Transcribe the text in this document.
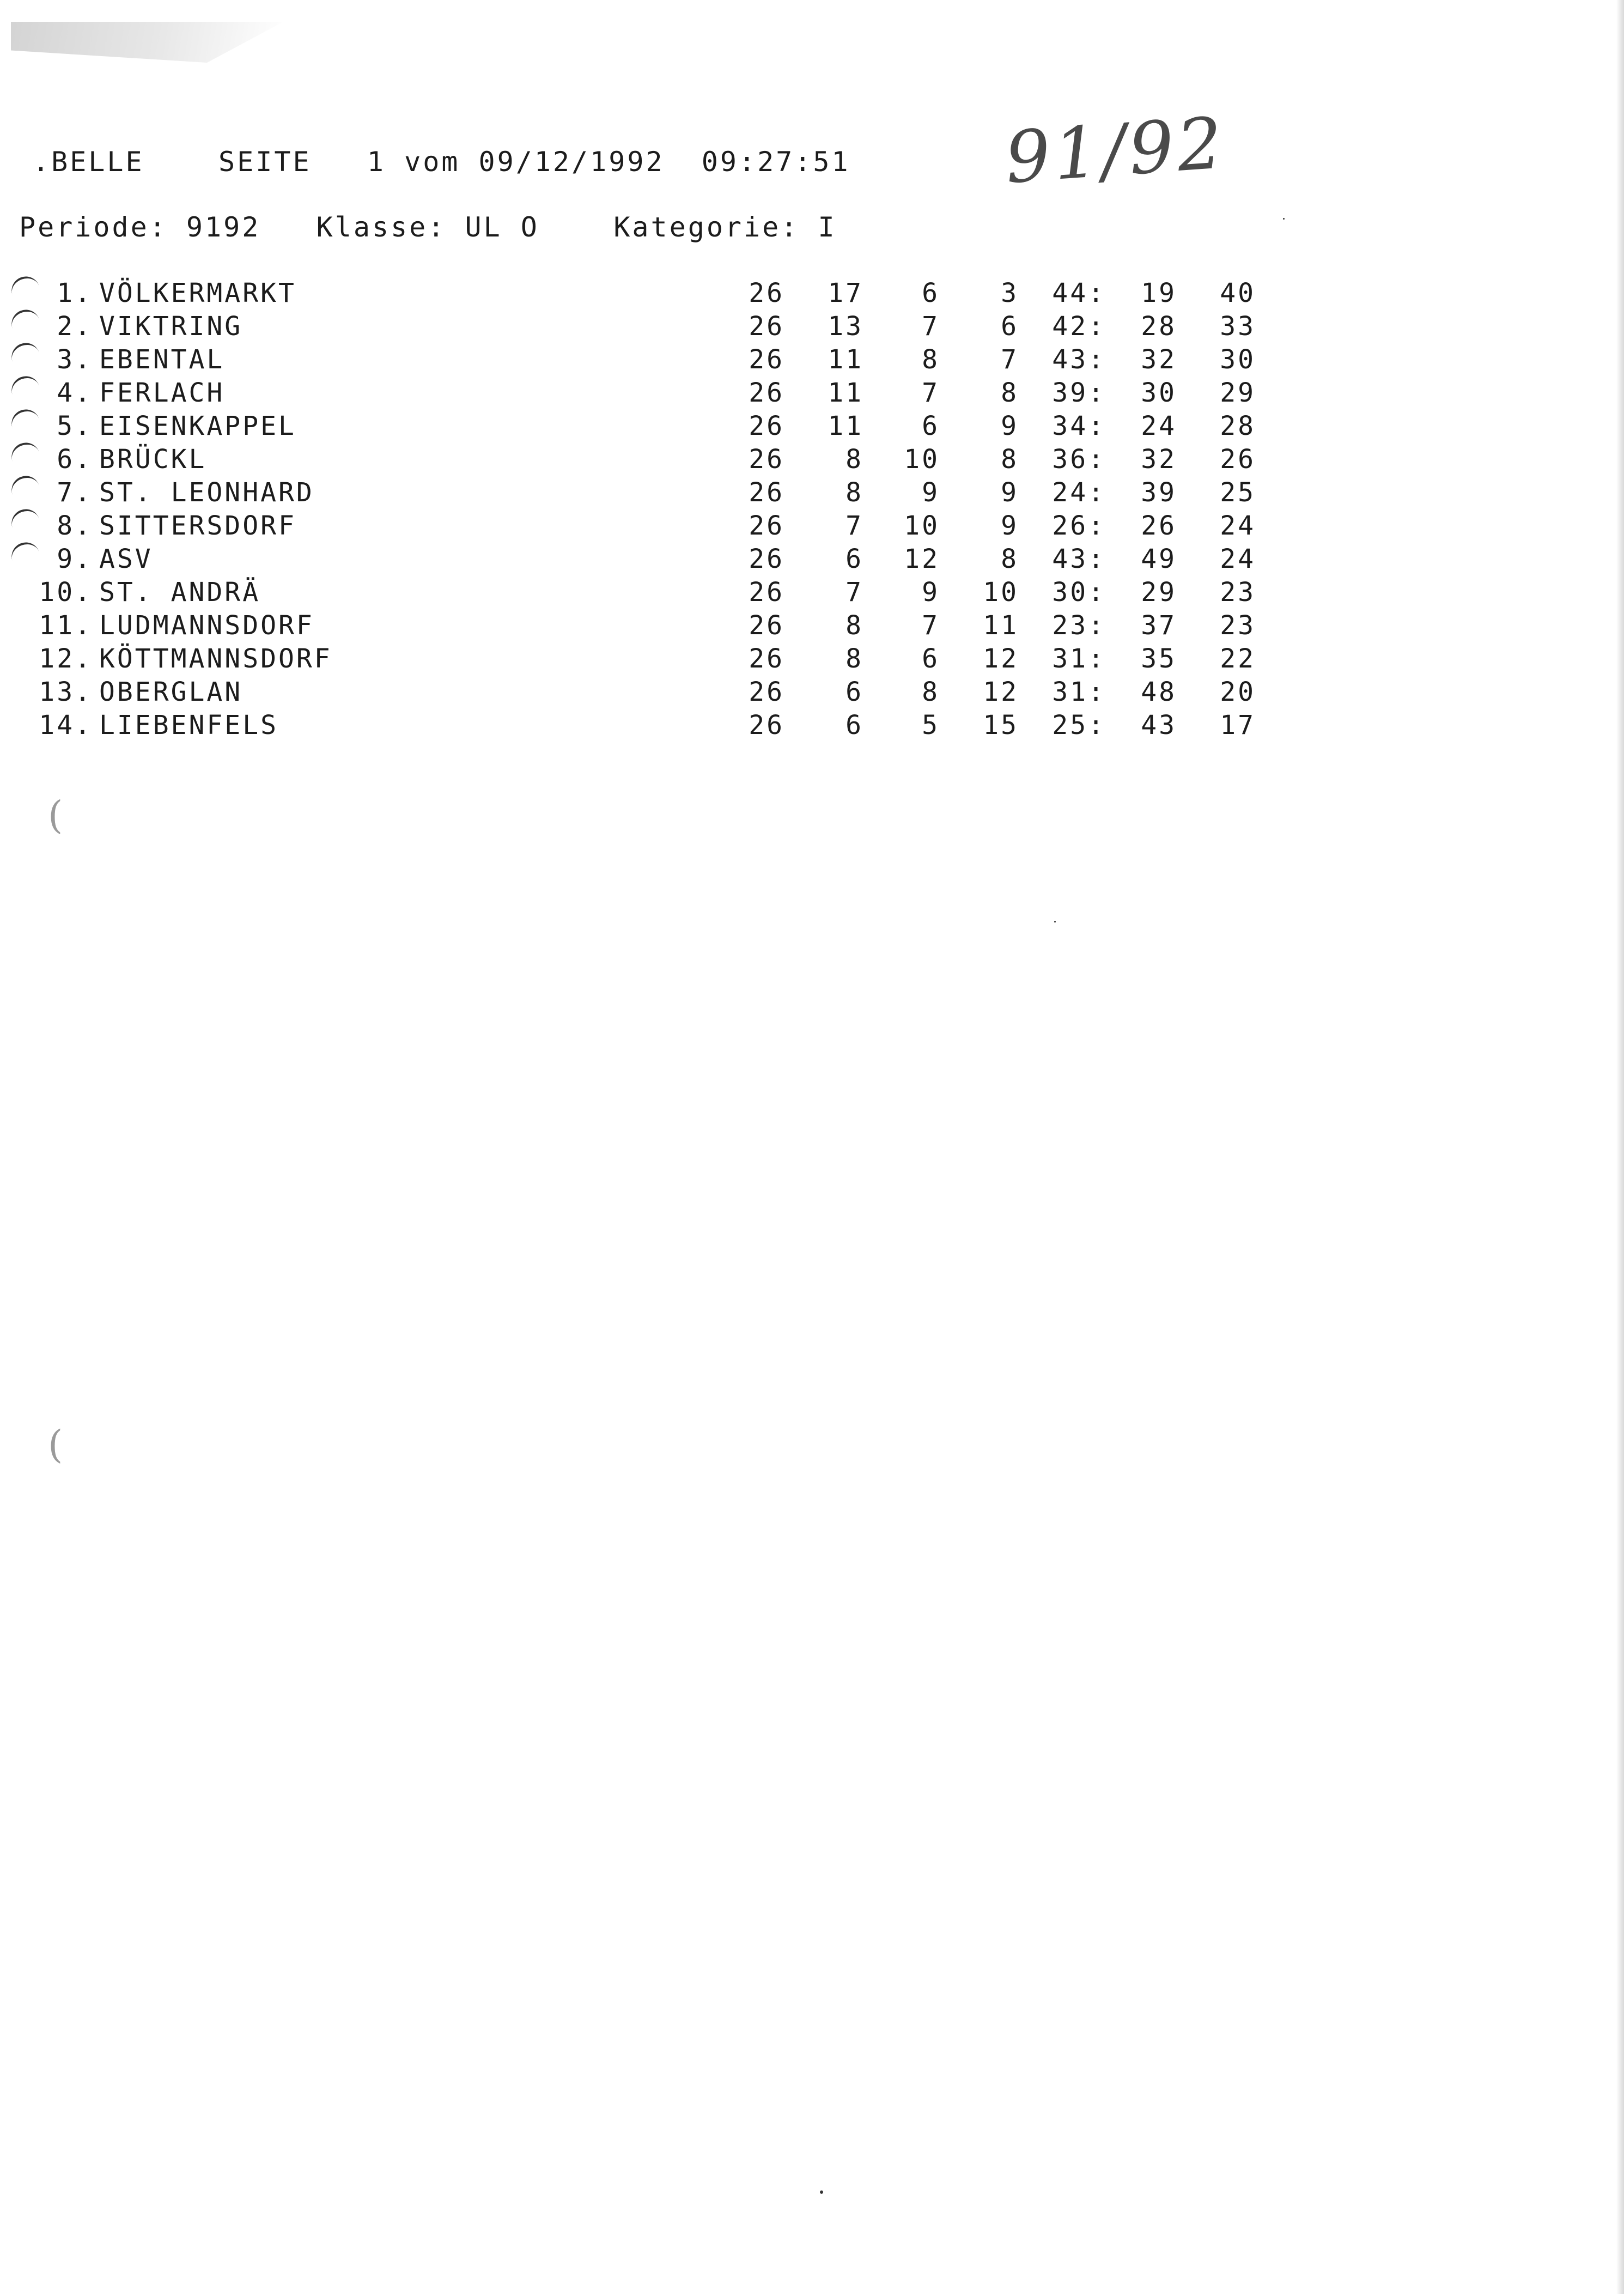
.BELLE	SEITE 1 vom 09/12/1992 09:27:51 91/92
Periode: 9192 Klasse: UL O	Kategorie: I
1. VÖLKERMARKT	26	17	6	3	44:	19	40
2. VIKTRING	26	13	7	6	42:	28	33
3. EBENTAL	26	11	8	7	43:	32	30
4. FERLACH	26	11	7	8	39:	30	29
5. EISENKAPPEL	26	11	6	9	34:	24	28
6. BRÜCKL	26	8	10	8	36:	32	26
7. ST. LEONHARD	26	8	9	9	24:	39	25
8. SITTERSDORF	26	7	10	9	26:	26	24
9. ASV	26	6	12	8	43:	49	24
10. ST. ANDRÄ	26	7	9	10	30:	29	23
11. LUDMANNSDORF	26	8	7	11	23:	37	23
12. KÖTTMANNSDORF	26	8	6	12	31:	35	22
13. OBERGLAN	26	6	8	12	31:	48	20
14. LIEBENFELS	26	6	5	15	25:	43	17
(
(
